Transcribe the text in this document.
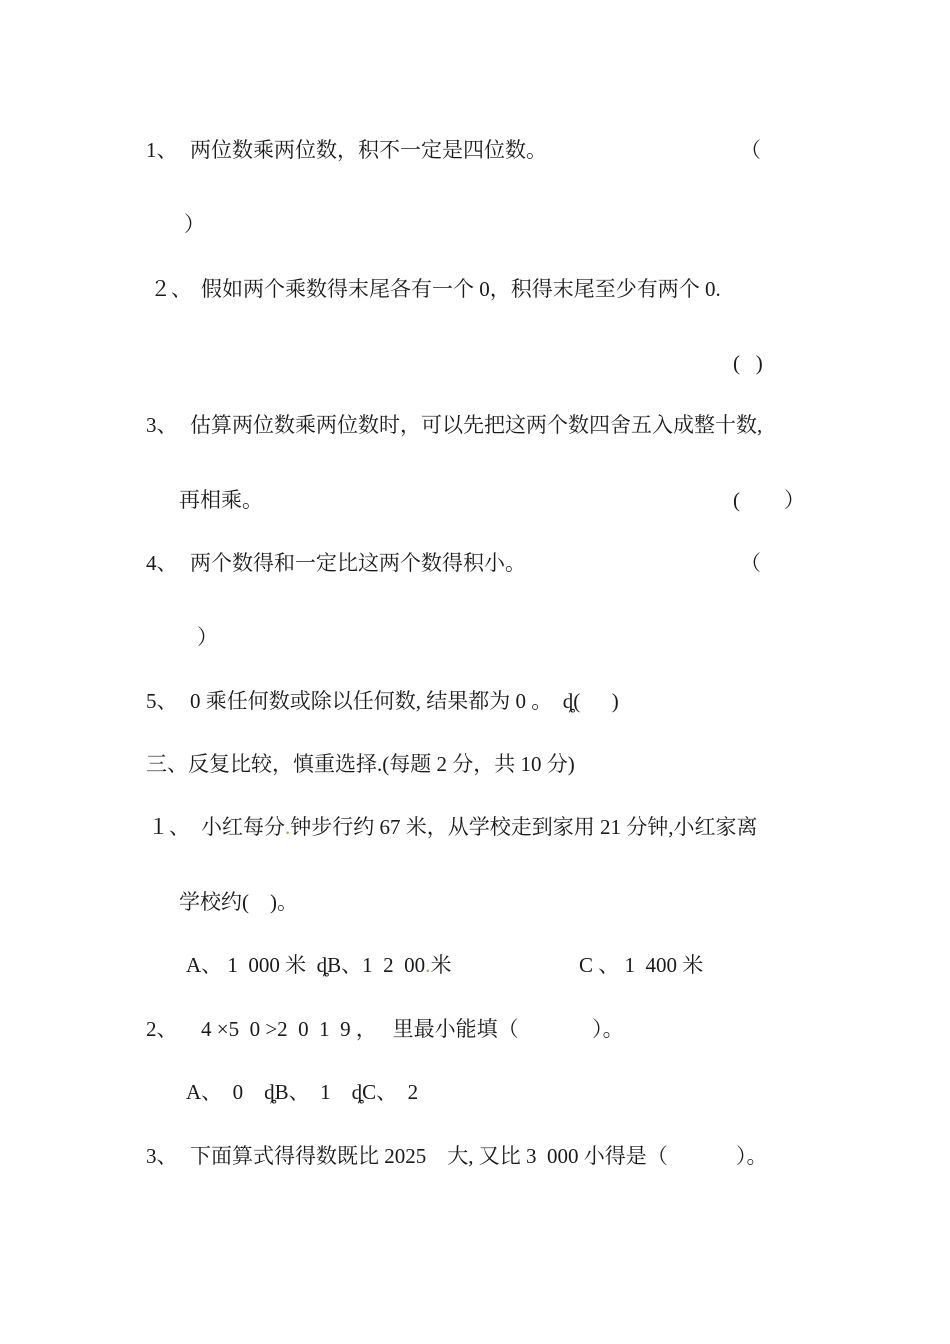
1、 两位数乘两位数，积不一定是四位数。	（
）
２、 假如两个乘数得末尾各有一个 0，积得末尾至少有两个 0.
(   )
3、 估算两位数乘两位数时，可以先把这两个数四舍五入成整十数,
再相乘。	( ）
4、 两个数得和一定比这两个数得积小。	（
）
5、 0 乘任何数或除以任何数, 结果都为 0 。  ȡ(      )
三、反复比较，慎重选择.(每题 2 分，共 10 分)
１、 小红每分.钟步行约 67 米，从学校走到家用 21 分钟,小红家离
学校约(    )。
A、 1  000 米  ȡB、1  2  00.米	C 、 1  400 米
2、 4 ×5  0 >2  0  1  9 ，   里最小能填（              ）。
A、  0    ȡB、  1    ȡC、  2
3、 下面算式得得数既比 2025    大, 又比 3  000 小得是（             ）。
